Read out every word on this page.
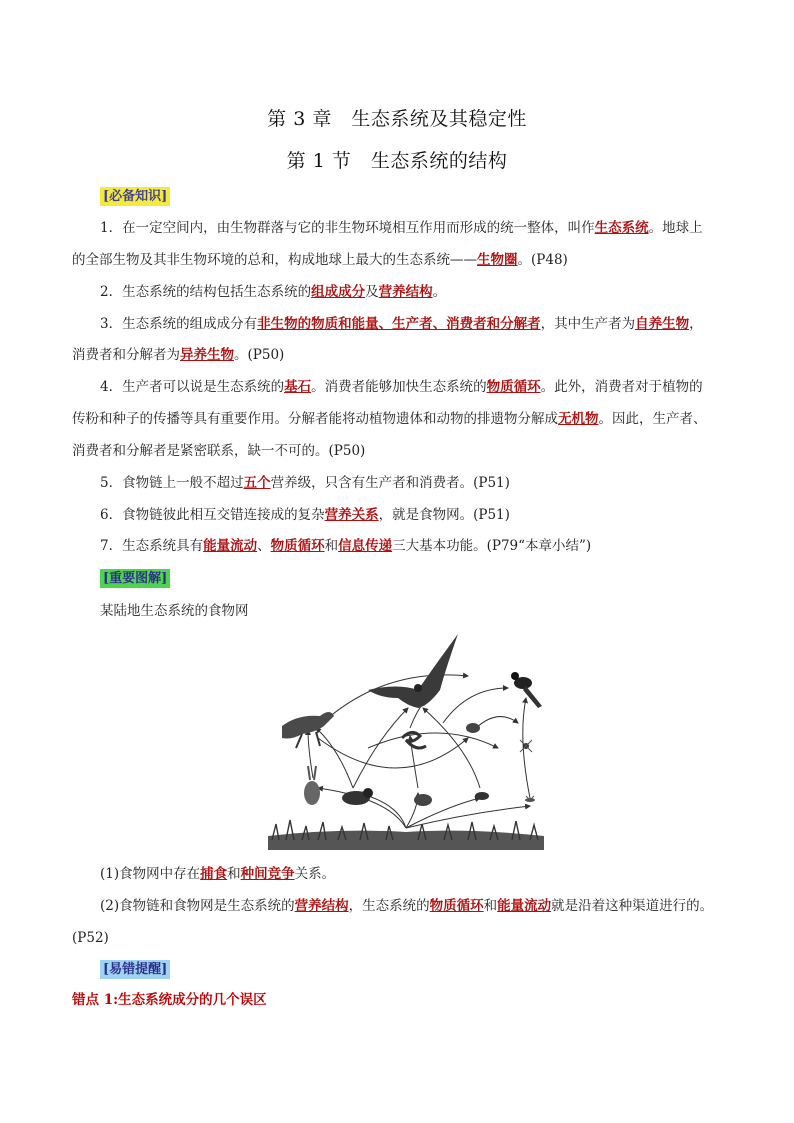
第 3 章　生态系统及其稳定性
第 1 节　生态系统的结构
[必备知识]
1．在一定空间内，由生物群落与它的非生物环境相互作用而形成的统一整体，叫作生态系统。地球上
的全部生物及其非生物环境的总和，构成地球上最大的生态系统——生物圈。(P48)
2．生态系统的结构包括生态系统的组成成分及营养结构。
3．生态系统的组成成分有非生物的物质和能量、生产者、消费者和分解者，其中生产者为自养生物，
消费者和分解者为异养生物。(P50)
4．生产者可以说是生态系统的基石。消费者能够加快生态系统的物质循环。此外，消费者对于植物的
传粉和种子的传播等具有重要作用。分解者能将动植物遗体和动物的排遗物分解成无机物。因此，生产者、
消费者和分解者是紧密联系，缺一不可的。(P50)
5．食物链上一般不超过五个营养级，只含有生产者和消费者。(P51)
6．食物链彼此相互交错连接成的复杂营养关系，就是食物网。(P51)
7．生态系统具有能量流动、物质循环和信息传递三大基本功能。(P79“本章小结”)
[重要图解]
某陆地生态系统的食物网
(1)食物网中存在捕食和种间竞争关系。
(2)食物链和食物网是生态系统的营养结构，生态系统的物质循环和能量流动就是沿着这种渠道进行的。
(P52)
[易错提醒]
错点 1:生态系统成分的几个误区
